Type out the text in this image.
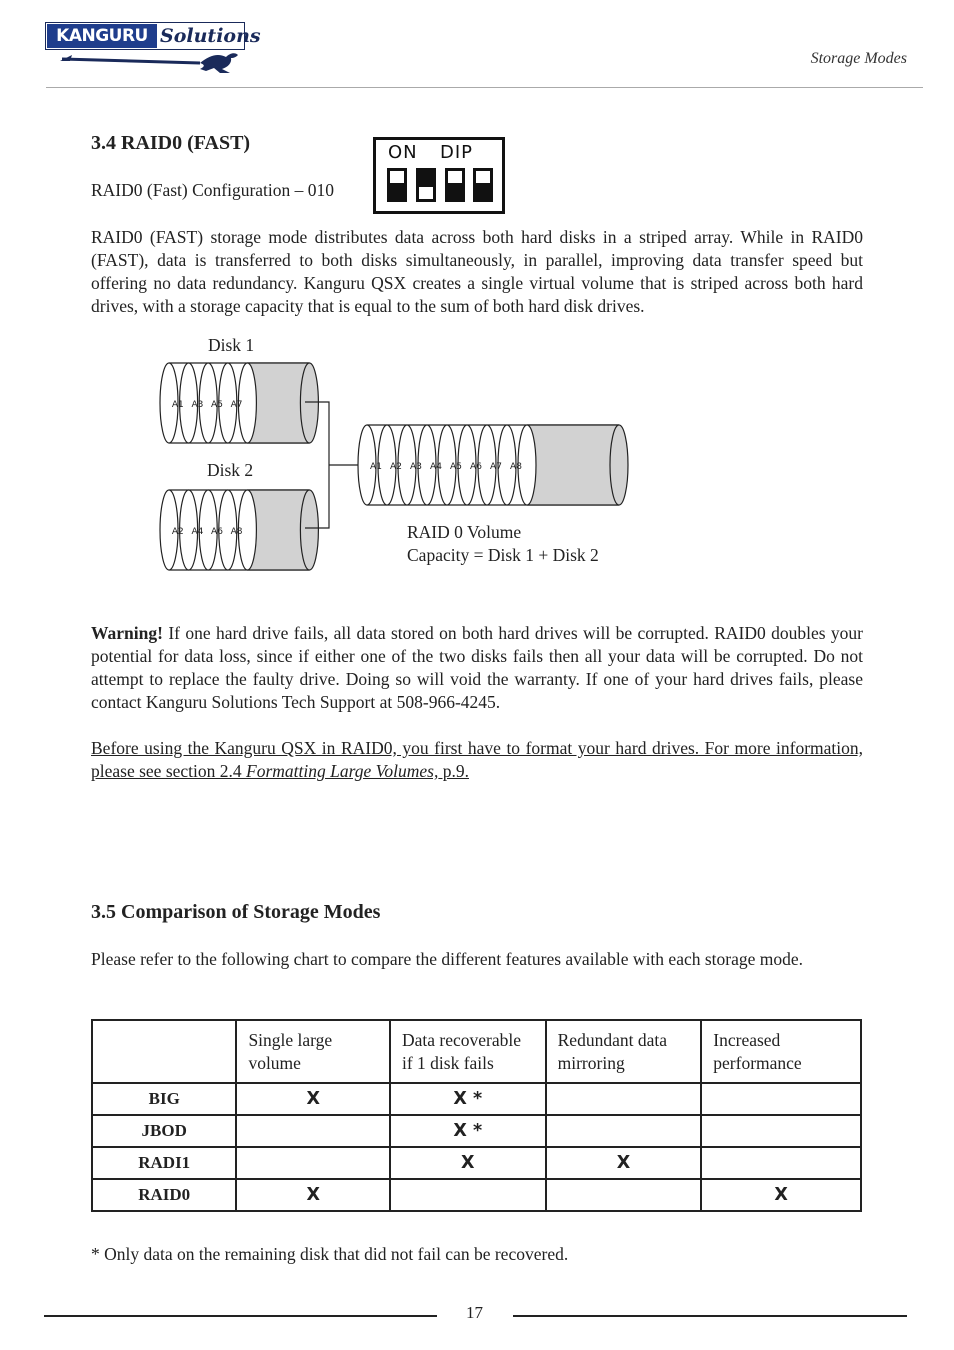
KANGURU Solutions
Storage Modes
3.4 RAID0 (FAST)
RAID0 (Fast) Configuration – 010
ON DIP

RAID0 (FAST) storage mode distributes data across both hard disks in a striped array. While in RAID0 (FAST), data is transferred to both disks simultaneously, in parallel, improving data transfer speed but offering no data redundancy. Kanguru QSX creates a single virtual volume that is striped across both hard drives, with a storage capacity that is equal to the sum of both hard disk drives.

Disk 1
Disk 2
A1 A3 A5 A7
A2 A4 A6 A8
A1 A2 A3 A4 A5 A6 A7 A8
RAID 0 Volume
Capacity = Disk 1 + Disk 2

Warning! If one hard drive fails, all data stored on both hard drives will be corrupted. RAID0 doubles your potential for data loss, since if either one of the two disks fails then all your data will be corrupted. Do not attempt to replace the faulty drive. Doing so will void the warranty. If one of your hard drives fails, please contact Kanguru Solutions Tech Support at 508-966-4245.

Before using the Kanguru QSX in RAID0, you first have to format your hard drives. For more information, please see section 2.4 Formatting Large Volumes, p.9.

3.5 Comparison of Storage Modes

Please refer to the following chart to compare the different features available with each storage mode.

	Single large volume	Data recoverable if 1 disk fails	Redundant data mirroring	Increased performance
BIG	X	X *		
JBOD		X *		
RADI1		X	X	
RAID0	X			X
* Only data on the remaining disk that did not fail can be recovered.
17
